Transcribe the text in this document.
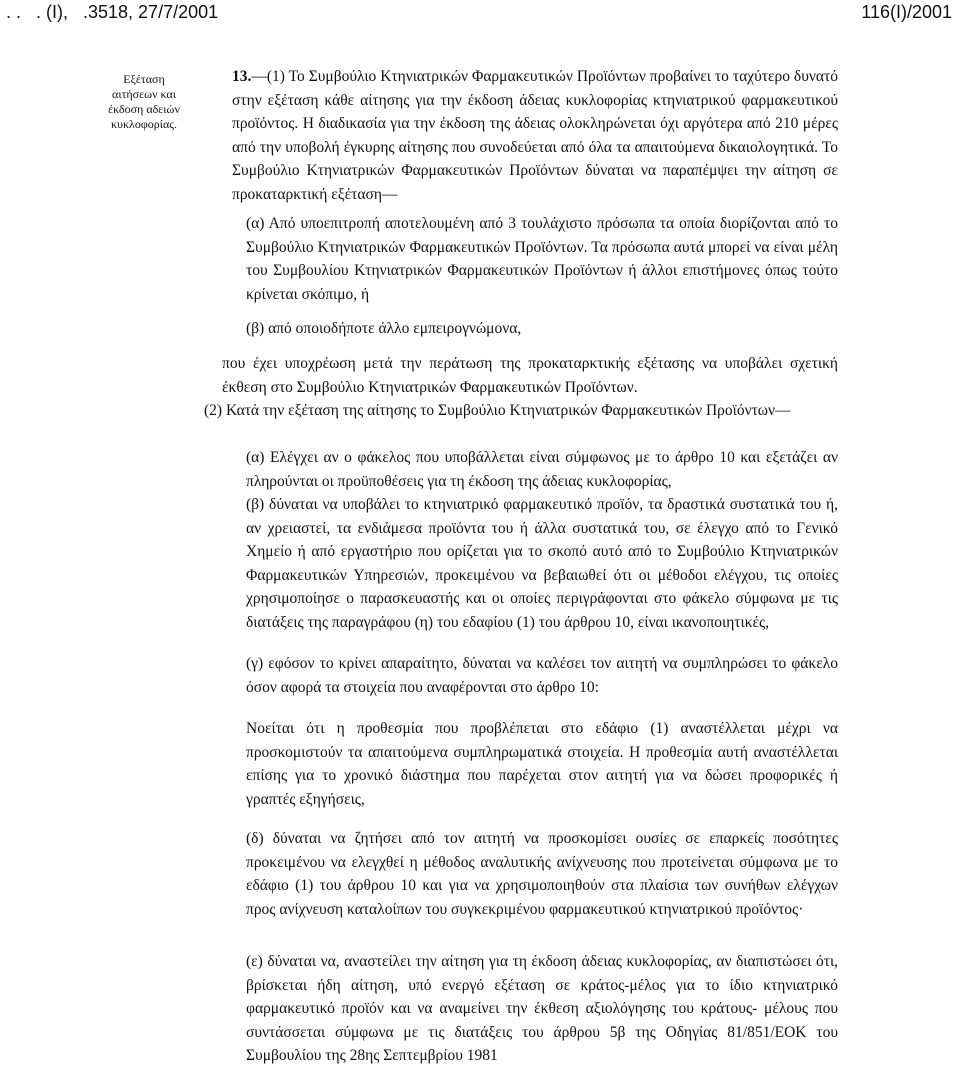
. .   . (Ι),   .3518, 27/7/2001	116(Ι)/2001
Εξέταση
αιτήσεων και
έκδοση αδειών
κυκλοφορίας.

13.—(1) Το Συμβούλιο Κτηνιατρικών Φαρμακευτικών Προϊόντων προβαίνει το ταχύτερο δυνατό στην εξέταση κάθε αίτησης για την έκδοση άδειας κυκλοφορίας κτηνιατρικού φαρμακευτικού προϊόντος. Η διαδικασία για την έκδοση της άδειας ολοκληρώνεται όχι αργότερα από 210 μέρες από την υποβολή έγκυρης αίτησης που συνοδεύεται από όλα τα απαιτούμενα δικαιολογητικά. Το Συμβούλιο Κτηνιατρικών Φαρμακευτικών Προϊόντων δύναται να παραπέμψει την αίτηση σε προκαταρκτική εξέταση—

(α) Από υποεπιτροπή αποτελουμένη από 3 τουλάχιστο πρόσωπα τα οποία διορίζονται από το Συμβούλιο Κτηνιατρικών Φαρμακευτικών Προϊόντων. Τα πρόσωπα αυτά μπορεί να είναι μέλη του Συμβουλίου Κτηνιατρικών Φαρμακευτικών Προϊόντων ή άλλοι επιστήμονες όπως τούτο κρίνεται σκόπιμο, ή

(β) από οποιοδήποτε άλλο εμπειρογνώμονα,

που έχει υποχρέωση μετά την περάτωση της προκαταρκτικής εξέτασης να υποβάλει σχετική έκθεση στο Συμβούλιο Κτηνιατρικών Φαρμακευτικών Προϊόντων.

(2) Κατά την εξέταση της αίτησης το Συμβούλιο Κτηνιατρικών Φαρμακευτικών Προϊόντων—

(α) Ελέγχει αν ο φάκελος που υποβάλλεται είναι σύμφωνος με το άρθρο 10 και εξετάζει αν πληρούνται οι προϋποθέσεις για τη έκδοση της άδειας κυκλοφορίας,

(β) δύναται να υποβάλει το κτηνιατρικό φαρμακευτικό προϊόν, τα δραστικά συστατικά του ή, αν χρειαστεί, τα ενδιάμεσα προϊόντα του ή άλλα συστατικά του, σε έλεγχο από το Γενικό Χημείο ή από εργαστήριο που ορίζεται για το σκοπό αυτό από το Συμβούλιο Κτηνιατρικών Φαρμακευτικών Υπηρεσιών, προκειμένου να βεβαιωθεί ότι οι μέθοδοι ελέγχου, τις οποίες χρησιμοποίησε ο παρασκευαστής και οι οποίες περιγράφονται στο φάκελο σύμφωνα με τις διατάξεις της παραγράφου (η) του εδαφίου (1) του άρθρου 10, είναι ικανοποιητικές,

(γ) εφόσον το κρίνει απαραίτητο, δύναται να καλέσει τον αιτητή να συμπληρώσει το φάκελο όσον αφορά τα στοιχεία που αναφέρονται στο άρθρο 10:

Νοείται ότι η προθεσμία που προβλέπεται στο εδάφιο (1) αναστέλλεται μέχρι να προσκομιστούν τα απαιτούμενα συμπληρωματικά στοιχεία. Η προθεσμία αυτή αναστέλλεται επίσης για το χρονικό διάστημα που παρέχεται στον αιτητή για να δώσει προφορικές ή γραπτές εξηγήσεις,

(δ) δύναται να ζητήσει από τον αιτητή να προσκομίσει ουσίες σε επαρκείς ποσότητες προκειμένου να ελεγχθεί η μέθοδος αναλυτικής ανίχνευσης που προτείνεται σύμφωνα με το εδάφιο (1) του άρθρου 10 και για να χρησιμοποιηθούν στα πλαίσια των συνήθων ελέγχων προς ανίχνευση καταλοίπων του συγκεκριμένου φαρμακευτικού κτηνιατρικού προϊόντος·

(ε) δύναται να, αναστείλει την αίτηση για τη έκδοση άδειας κυκλοφορίας, αν διαπιστώσει ότι, βρίσκεται ήδη αίτηση, υπό ενεργό εξέταση σε κράτος-μέλος για το ίδιο κτηνιατρικό φαρμακευτικό προϊόν και να αναμείνει την έκθεση αξιολόγησης του κράτους- μέλους που συντάσσεται σύμφωνα με τις διατάξεις του άρθρου 5β της Οδηγίας 81/851/ΕΟΚ του Συμβουλίου της 28ης Σεπτεμβρίου 1981
